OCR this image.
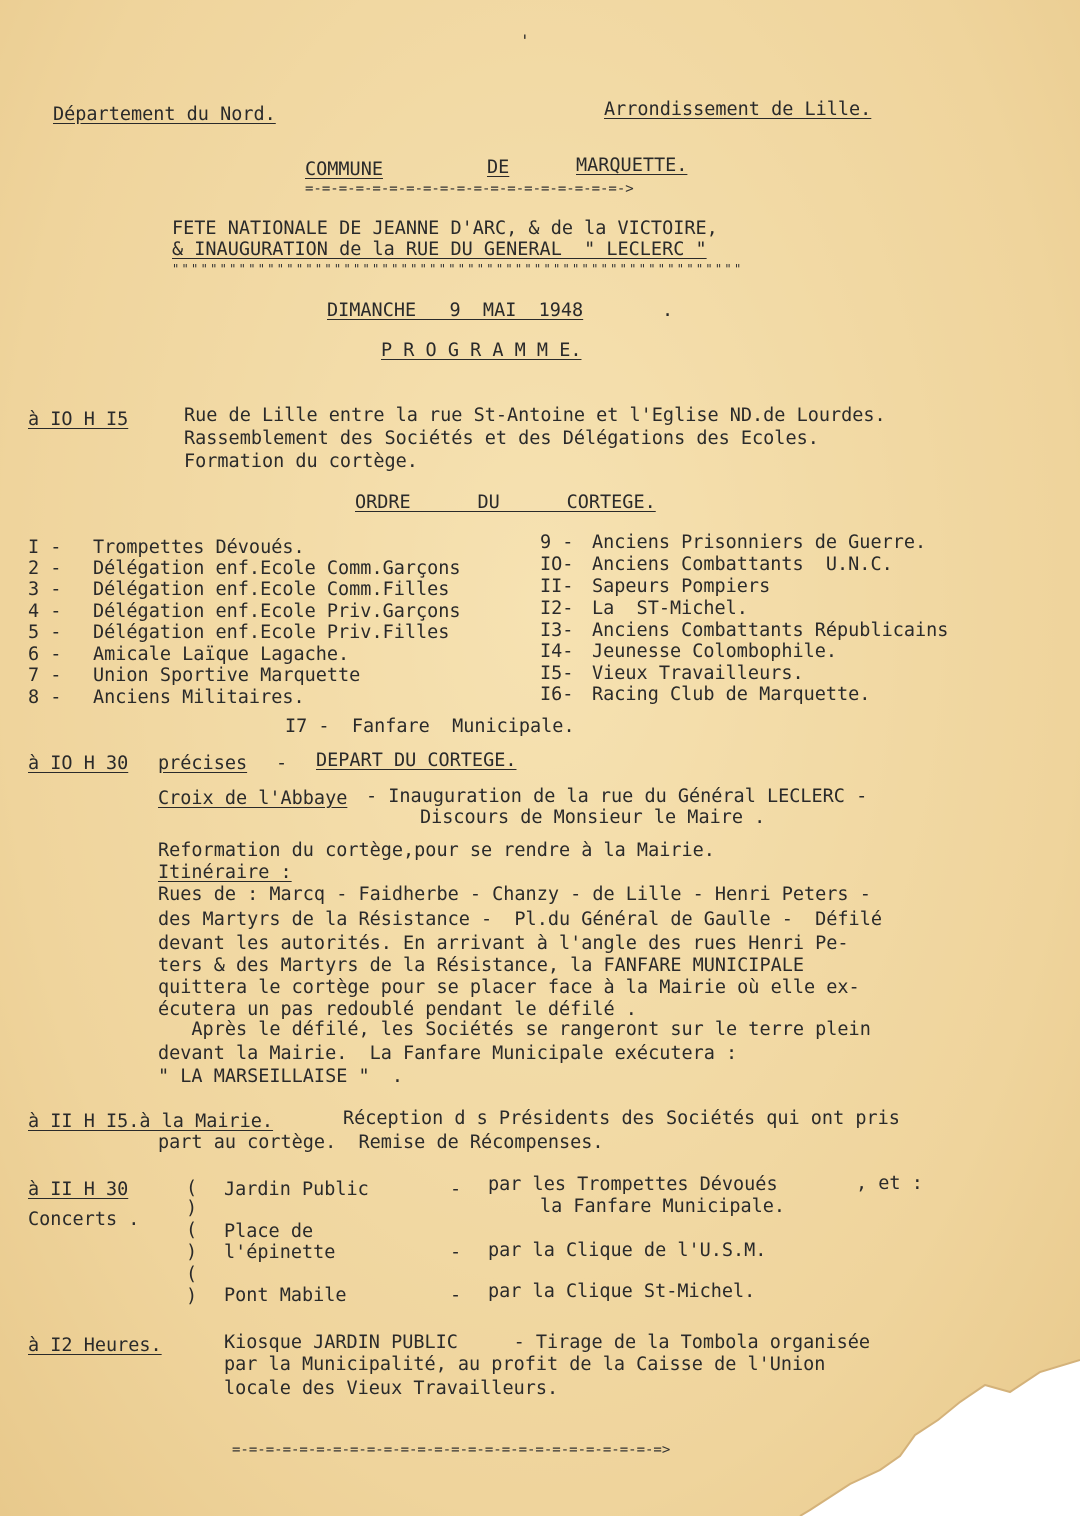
'
Département du Nord.	Arrondissement de Lille.
COMMUNE	DE	MARQUETTE.
=-=-=-=-=-=-=-=-=-=-=-=-=-=-=-=-=-=-=->
FETE NATIONALE DE JEANNE D'ARC, & de la VICTOIRE,
& INAUGURATION de la RUE DU GENERAL  " LECLERC "
""""""""""""""""""""""""""""""""""""""""""""""""""""""""""""
DIMANCHE   9  MAI  1948	.
P R O G R A M M E.
à IO H I5	Rue de Lille entre la rue St-Antoine et l'Eglise ND.de Lourdes.
Rassemblement des Sociétés et des Délégations des Ecoles.
Formation du cortège.
ORDRE      DU      CORTEGE.
I - Trompettes Dévoués.
2 - Délégation enf.Ecole Comm.Garçons
3 - Délégation enf.Ecole Comm.Filles
4 - Délégation enf.Ecole Priv.Garçons
5 - Délégation enf.Ecole Priv.Filles
6 - Amicale Laïque Lagache.
7 - Union Sportive Marquette
8 - Anciens Militaires.
9 - Anciens Prisonniers de Guerre.
IO- Anciens Combattants  U.N.C.
II- Sapeurs Pompiers
I2- La  ST-Michel.
I3- Anciens Combattants Républicains
I4- Jeunesse Colombophile.
I5- Vieux Travailleurs.
I6- Racing Club de Marquette.
I7 -  Fanfare  Municipale.
à IO H 30 précises - DEPART DU CORTEGE.
Croix de l'Abbaye - Inauguration de la rue du Général LECLERC -
Discours de Monsieur le Maire .
Reformation du cortège,pour se rendre à la Mairie.
Itinéraire :
Rues de : Marcq - Faidherbe - Chanzy - de Lille - Henri Peters -
des Martyrs de la Résistance -  Pl.du Général de Gaulle -  Défilé
devant les autorités. En arrivant à l'angle des rues Henri Pe-
ters & des Martyrs de la Résistance, la FANFARE MUNICIPALE
quittera le cortège pour se placer face à la Mairie où elle ex-
écutera un pas redoublé pendant le défilé .
Après le défilé, les Sociétés se rangeront sur le terre plein
devant la Mairie.  La Fanfare Municipale exécutera :
" LA MARSEILLAISE "  .
à II H I5.à la Mairie.	Réception d s Présidents des Sociétés qui ont pris
part au cortège.  Remise de Récompenses.
à II H 30
Concerts .
(
)
(
)
(
)
Jardin Public	- par les Trompettes Dévoués	, et :
la Fanfare Municipale.
Place de
l'épinette	- par la Clique de l'U.S.M.
Pont Mabile	- par la Clique St-Michel.
à I2 Heures.	Kiosque JARDIN PUBLIC     - Tirage de la Tombola organisée
par la Municipalité, au profit de la Caisse de l'Union
locale des Vieux Travailleurs.
=-=-=-=-=-=-=-=-=-=-=-=-=-=-=-=-=-=-=-=-=-=-=-=-=-=>
